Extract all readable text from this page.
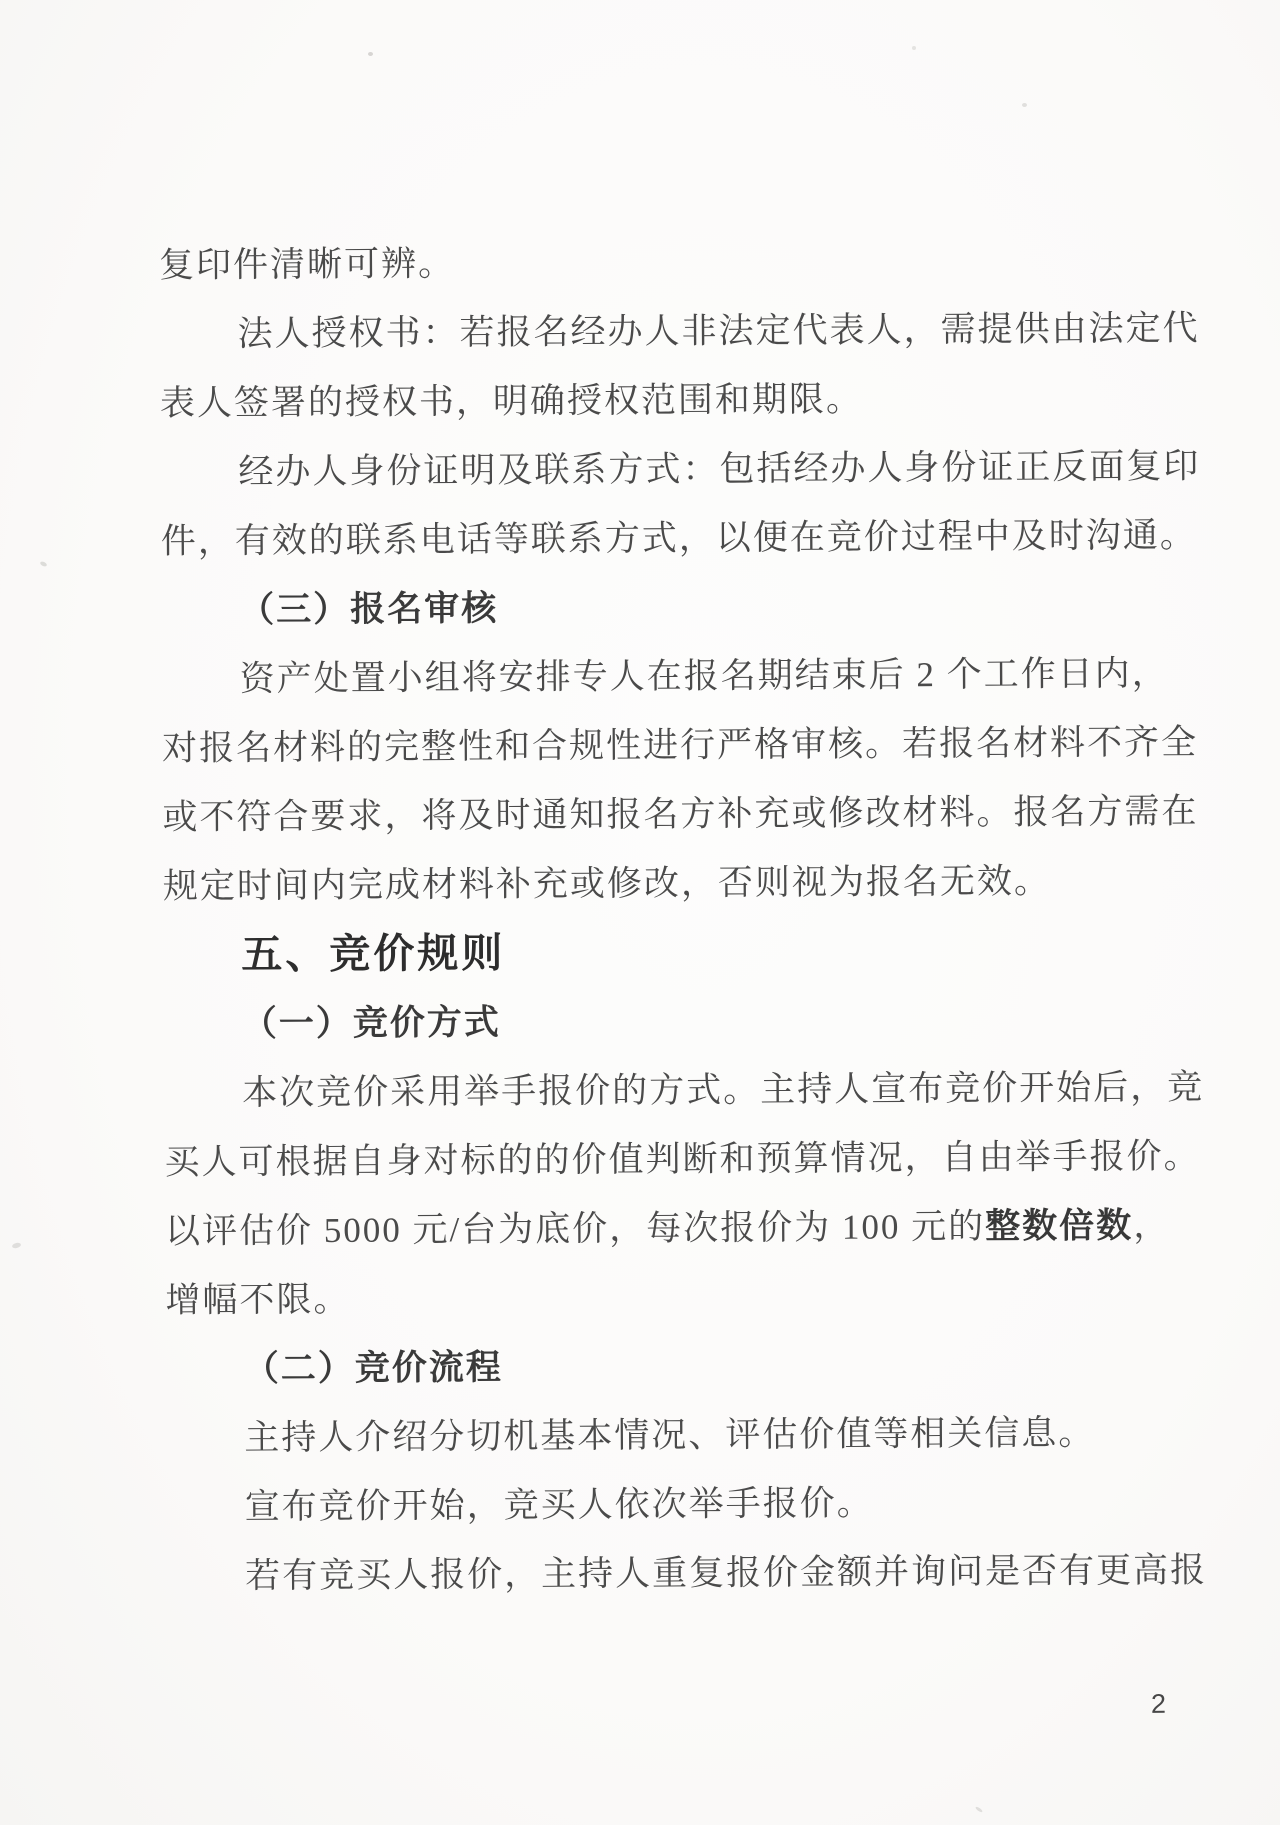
复印件清晰可辨。
法人授权书：若报名经办人非法定代表人，需提供由法定代
表人签署的授权书，明确授权范围和期限。
经办人身份证明及联系方式：包括经办人身份证正反面复印
件，有效的联系电话等联系方式，以便在竞价过程中及时沟通。
（三）报名审核
资产处置小组将安排专人在报名期结束后 2 个工作日内，
对报名材料的完整性和合规性进行严格审核。若报名材料不齐全
或不符合要求，将及时通知报名方补充或修改材料。报名方需在
规定时间内完成材料补充或修改，否则视为报名无效。
五、竞价规则
（一）竞价方式
本次竞价采用举手报价的方式。主持人宣布竞价开始后，竞
买人可根据自身对标的的价值判断和预算情况，自由举手报价。
以评估价 5000 元/台为底价，每次报价为 100 元的整数倍数，
增幅不限。
（二）竞价流程
主持人介绍分切机基本情况、评估价值等相关信息。
宣布竞价开始，竞买人依次举手报价。
若有竞买人报价，主持人重复报价金额并询问是否有更高报
2
